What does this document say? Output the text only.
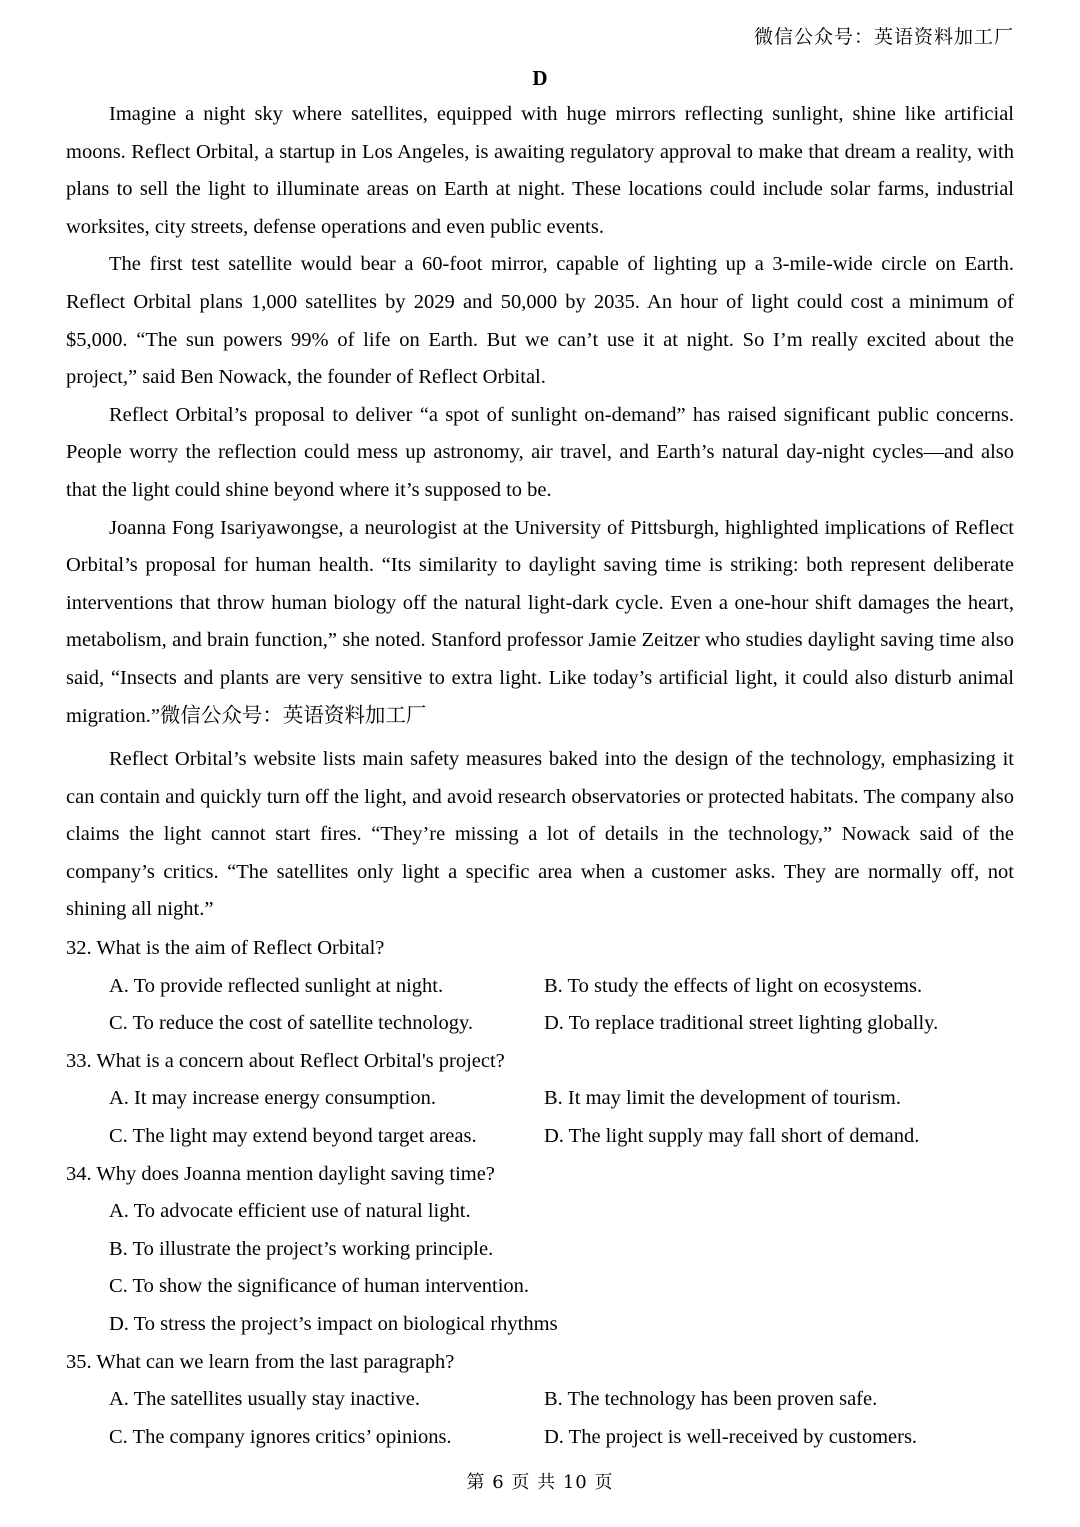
微信公众号：英语资料加工厂
D

Imagine a night sky where satellites, equipped with huge mirrors reflecting sunlight, shine like artificial moons. Reflect Orbital, a startup in Los Angeles, is awaiting regulatory approval to make that dream a reality, with plans to sell the light to illuminate areas on Earth at night. These locations could include solar farms, industrial worksites, city streets, defense operations and even public events.

The first test satellite would bear a 60-foot mirror, capable of lighting up a 3-mile-wide circle on Earth. Reflect Orbital plans 1,000 satellites by 2029 and 50,000 by 2035. An hour of light could cost a minimum of $5,000. “The sun powers 99% of life on Earth. But we can’t use it at night. So I’m really excited about the project,” said Ben Nowack, the founder of Reflect Orbital.

Reflect Orbital’s proposal to deliver “a spot of sunlight on-demand” has raised significant public concerns. People worry the reflection could mess up astronomy, air travel, and Earth’s natural day-night cycles—and also that the light could shine beyond where it’s supposed to be.

Joanna Fong Isariyawongse, a neurologist at the University of Pittsburgh, highlighted implications of Reflect Orbital’s proposal for human health. “Its similarity to daylight saving time is striking: both represent deliberate interventions that throw human biology off the natural light-dark cycle. Even a one-hour shift damages the heart, metabolism, and brain function,” she noted. Stanford professor Jamie Zeitzer who studies daylight saving time also said, “Insects and plants are very sensitive to extra light. Like today’s artificial light, it could also disturb animal migration.”微信公众号：英语资料加工厂

Reflect Orbital’s website lists main safety measures baked into the design of the technology, emphasizing it can contain and quickly turn off the light, and avoid research observatories or protected habitats. The company also claims the light cannot start fires. “They’re missing a lot of details in the technology,” Nowack said of the company’s critics. “The satellites only light a specific area when a customer asks. They are normally off, not shining all night.”

32. What is the aim of Reflect Orbital?

A. To provide reflected sunlight at night.	B. To study the effects of light on ecosystems.
C. To reduce the cost of satellite technology.	D. To replace traditional street lighting globally.

33. What is a concern about Reflect Orbital's project?

A. It may increase energy consumption.	B. It may limit the development of tourism.
C. The light may extend beyond target areas.	D. The light supply may fall short of demand.

34. Why does Joanna mention daylight saving time?

A. To advocate efficient use of natural light.
B. To illustrate the project’s working principle.
C. To show the significance of human intervention.
D. To stress the project’s impact on biological rhythms

35. What can we learn from the last paragraph?

A. The satellites usually stay inactive.	B. The technology has been proven safe.
C. The company ignores critics’ opinions.	D. The project is well-received by customers.
第 6 页 共 10 页
